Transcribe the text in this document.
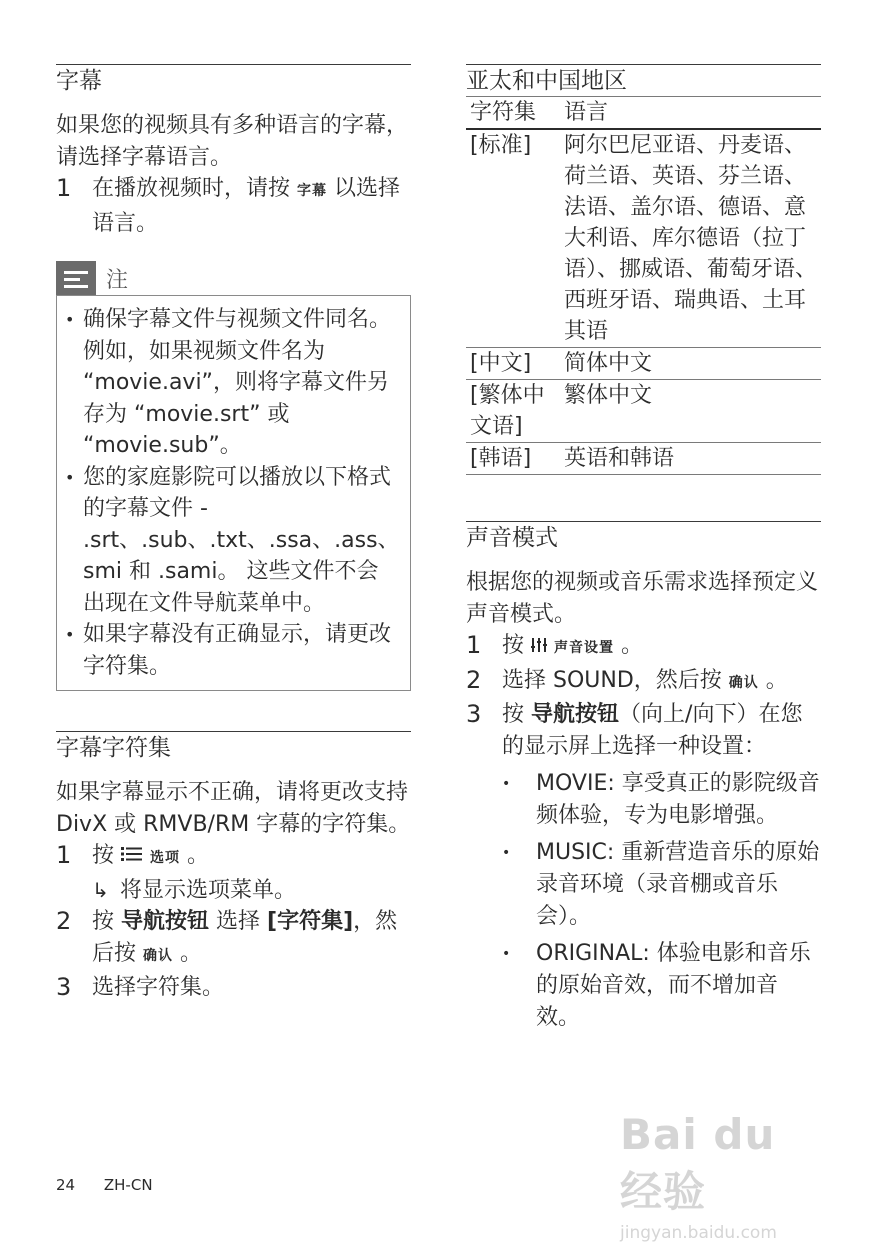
字幕

如果您的视频具有多种语言的字幕，请选择字幕语言。

1 在播放视频时，请按 字幕 以选择语言。
注
• 确保字幕文件与视频文件同名。 例如，如果视频文件名为 “movie.avi”，则将字幕文件另存为 “movie.srt” 或 “movie.sub”。
• 您的家庭影院可以播放以下格式的字幕文件 - .srt、.sub、.txt、.ssa、.ass、smi 和 .sami。 这些文件不会出现在文件导航菜单中。
• 如果字幕没有正确显示，请更改字符集。
字幕字符集

如果字幕显示不正确，请将更改支持 DivX 或 RMVB/RM 字幕的字符集。

1 按	选项 。
↳ 将显示选项菜单。
2 按 导航按钮 选择 [字符集]，然后按 确认 。
3 选择字符集。
亚太和中国地区
字符集	语言
[标准]	阿尔巴尼亚语、丹麦语、荷兰语、英语、芬兰语、法语、盖尔语、德语、意大利语、库尔德语（拉丁语）、挪威语、葡萄牙语、西班牙语、瑞典语、土耳其语
[中文]	简体中文
[繁体中文语]	繁体中文
[韩语]	英语和韩语
声音模式

根据您的视频或音乐需求选择预定义声音模式。

1 按 声音设置 。
2 选择 SOUND，然后按 确认 。
3 按 导航按钮（向上/向下）在您的显示屏上选择一种设置：
•	MOVIE: 享受真正的影院级音频体验，专为电影增强。
•	MUSIC: 重新营造音乐的原始录音环境（录音棚或音乐会）。
•	ORIGINAL: 体验电影和音乐的原始音效，而不增加音效。
24 ZH-CN
Bai du 经验
jingyan.baidu.com
